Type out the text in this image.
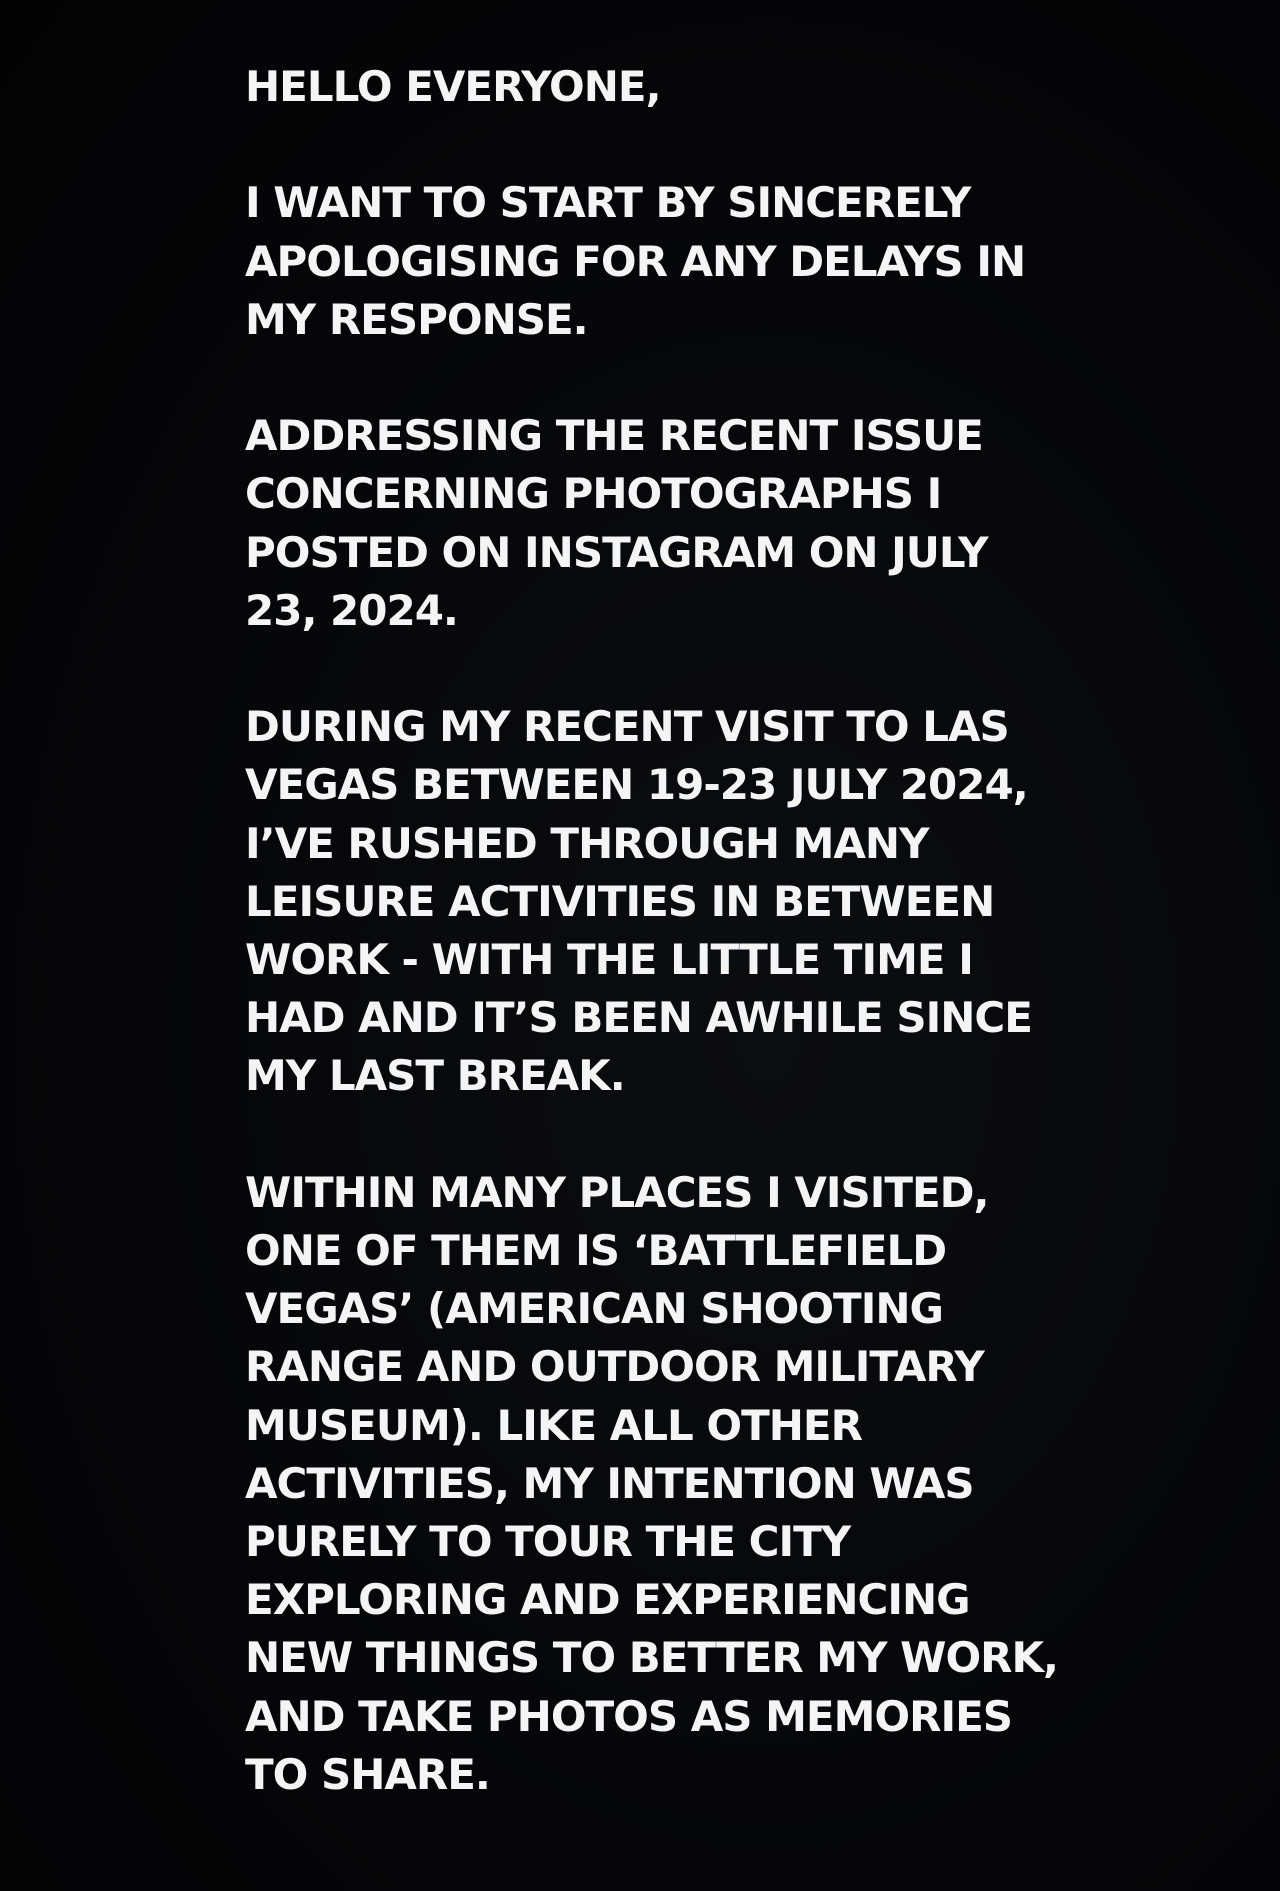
HELLO EVERYONE,
I WANT TO START BY SINCERELY
APOLOGISING FOR ANY DELAYS IN
MY RESPONSE.
ADDRESSING THE RECENT ISSUE
CONCERNING PHOTOGRAPHS I
POSTED ON INSTAGRAM ON JULY
23, 2024.
DURING MY RECENT VISIT TO LAS
VEGAS BETWEEN 19-23 JULY 2024,
I’VE RUSHED THROUGH MANY
LEISURE ACTIVITIES IN BETWEEN
WORK - WITH THE LITTLE TIME I
HAD AND IT’S BEEN AWHILE SINCE
MY LAST BREAK.
WITHIN MANY PLACES I VISITED,
ONE OF THEM IS ‘BATTLEFIELD
VEGAS’ (AMERICAN SHOOTING
RANGE AND OUTDOOR MILITARY
MUSEUM). LIKE ALL OTHER
ACTIVITIES, MY INTENTION WAS
PURELY TO TOUR THE CITY
EXPLORING AND EXPERIENCING
NEW THINGS TO BETTER MY WORK,
AND TAKE PHOTOS AS MEMORIES
TO SHARE.
